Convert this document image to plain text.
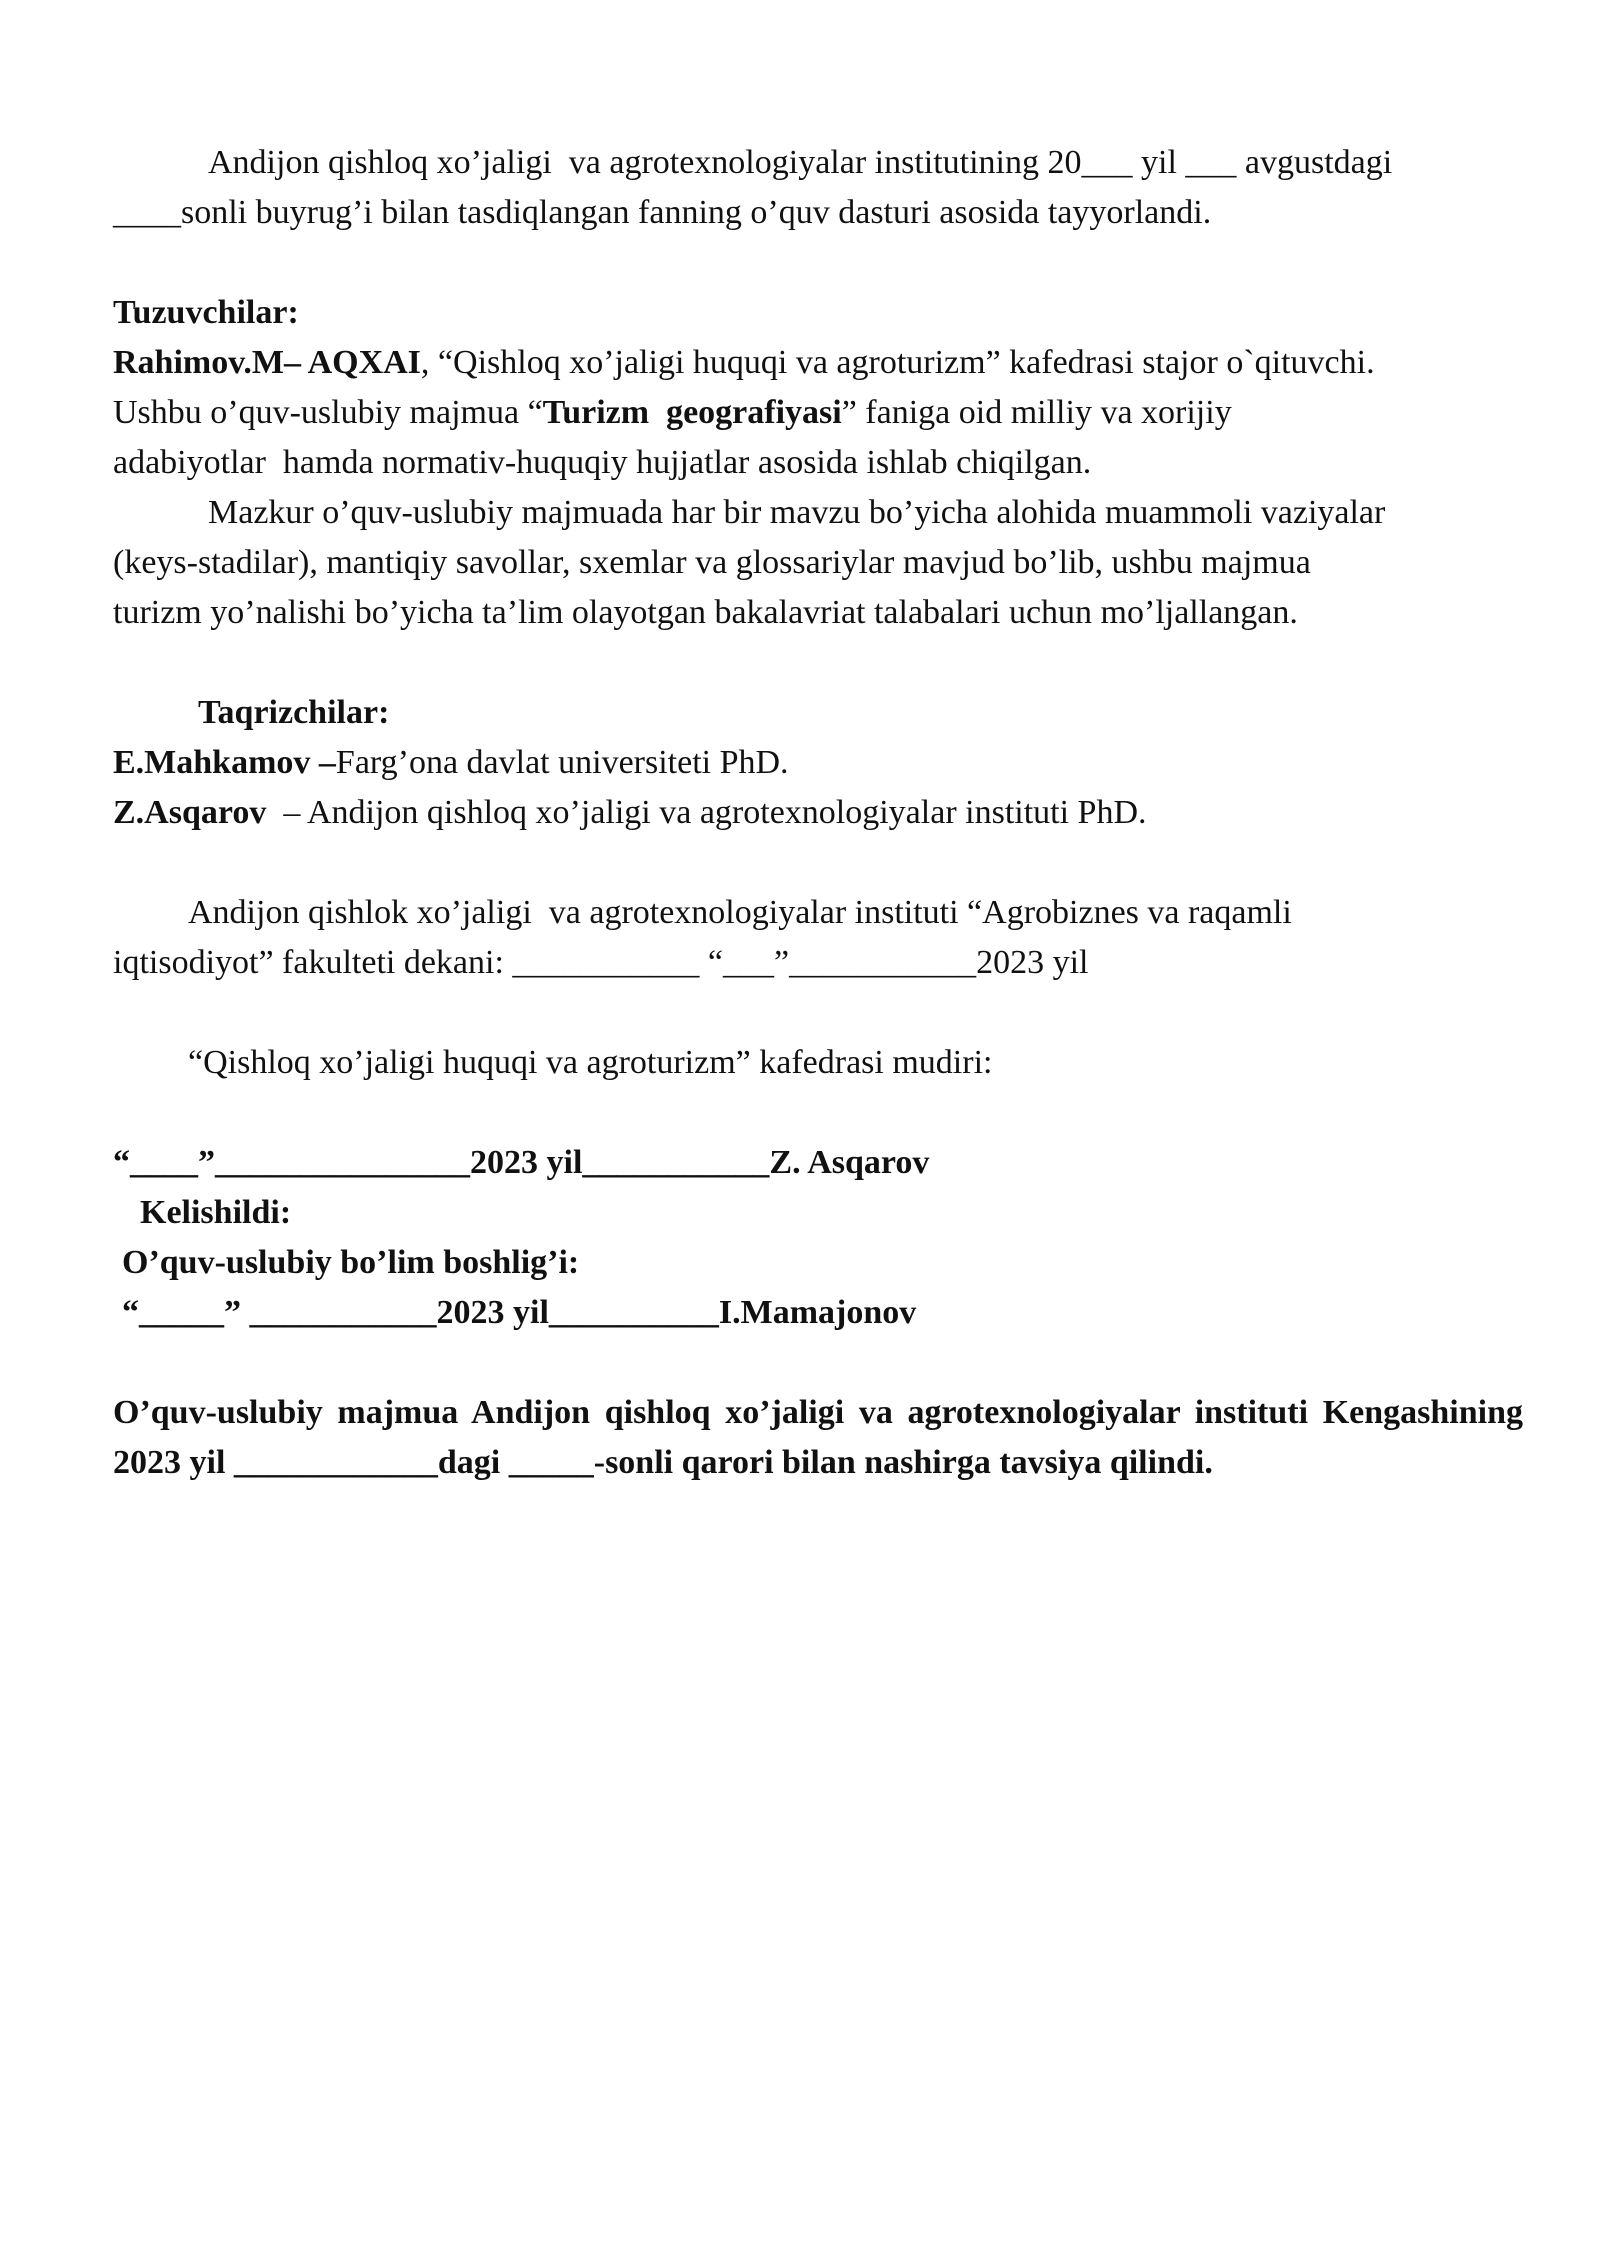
Andijon qishloq xo’jaligi  va agrotexnologiyalar institutining 20___ yil ___ avgustdagi
____sonli buyrug’i bilan tasdiqlangan fanning o’quv dasturi asosida tayyorlandi.
Tuzuvchilar:
Rahimov.M– AQXAI, “Qishloq xo’jaligi huquqi va agroturizm” kafedrasi stajor o`qituvchi.
Ushbu o’quv-uslubiy majmua “Turizm  geografiyasi” faniga oid milliy va xorijiy
adabiyotlar  hamda normativ-huquqiy hujjatlar asosida ishlab chiqilgan.
Mazkur o’quv-uslubiy majmuada har bir mavzu bo’yicha alohida muammoli vaziyalar
(keys-stadilar), mantiqiy savollar, sxemlar va glossariylar mavjud bo’lib, ushbu majmua
turizm yo’nalishi bo’yicha ta’lim olayotgan bakalavriat talabalari uchun mo’ljallangan.
Taqrizchilar:
E.Mahkamov –Farg’ona davlat universiteti PhD.
Z.Asqarov  – Andijon qishloq xo’jaligi va agrotexnologiyalar instituti PhD.
Andijon qishlok xo’jaligi  va agrotexnologiyalar instituti “Agrobiznes va raqamli
iqtisodiyot” fakulteti dekani: ___________ “___”___________2023 yil
“Qishloq xo’jaligi huquqi va agroturizm” kafedrasi mudiri:
“____”_______________2023 yil___________Z. Asqarov
Kelishildi:
O’quv-uslubiy bo’lim boshlig’i:
“_____” ___________2023 yil__________I.Mamajonov
O’quv-uslubiy majmua Andijon qishloq xo’jaligi va agrotexnologiyalar instituti Kengashining 2023 yil ____________dagi _____-sonli qarori bilan nashirga tavsiya qilindi.
